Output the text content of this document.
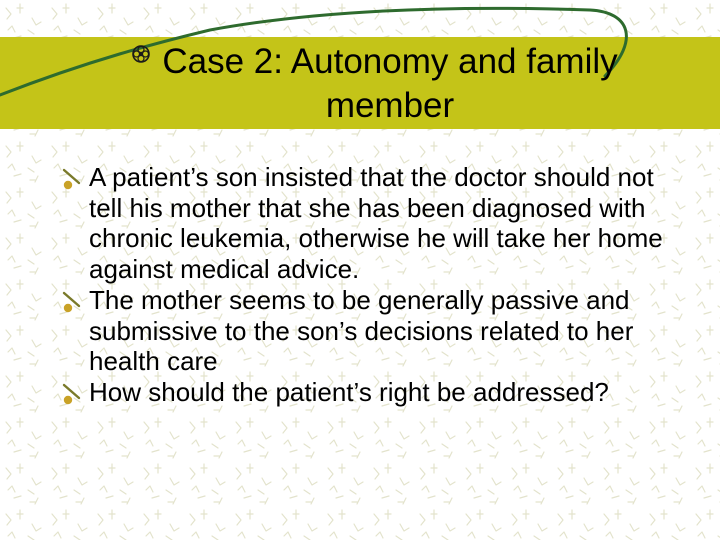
Case 2: Autonomy and family
member
A patient’s son insisted that the doctor should not tell his mother that she has been diagnosed with chronic leukemia, otherwise he will take her home against medical advice.
The mother seems to be generally passive and submissive to the son’s decisions related to her health care
How should the patient’s right be addressed?
